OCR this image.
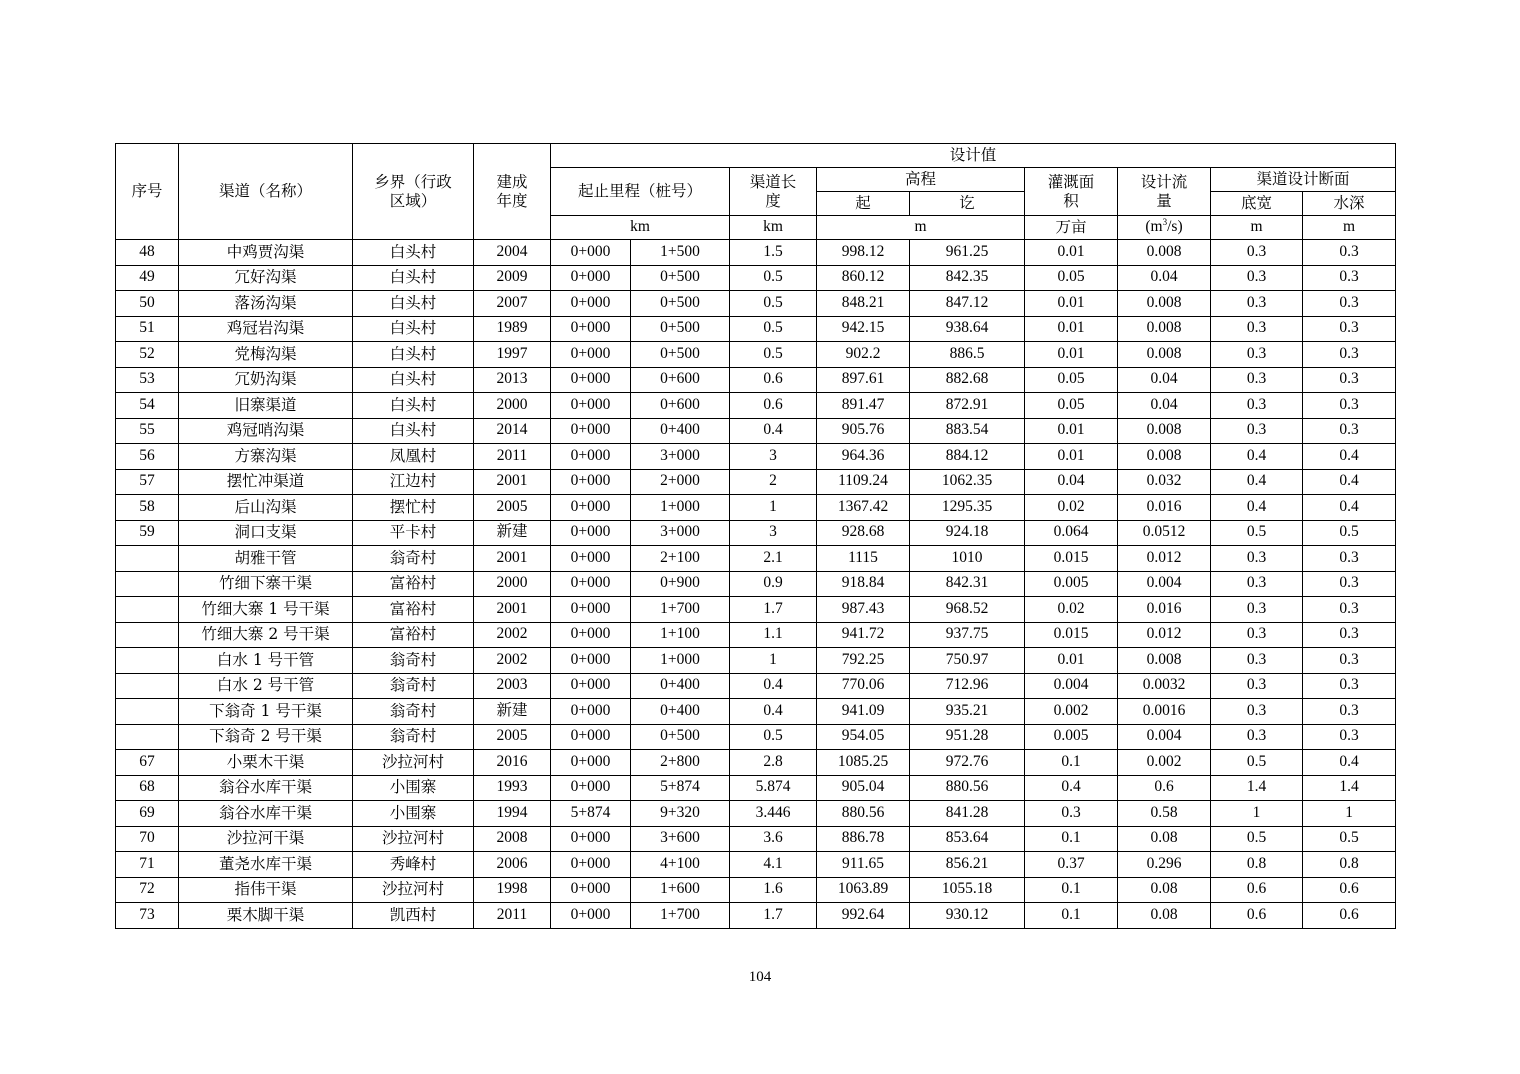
序号	渠道（名称）	乡界（行政区域）	建成年度	设计值								
				起止里程（桩号）		渠道长度	高程		灌溉面积	设计流量	渠道设计断面	
							起	讫			底宽	水深
				km		km	m		万亩	$(m^3/s)$	m	m
48	中鸡贾沟渠	白头村	2004	0+000	1+500	1.5	998.12	961.25	0.01	0.008	0.3	0.3
49	冗好沟渠	白头村	2009	0+000	0+500	0.5	860.12	842.35	0.05	0.04	0.3	0.3
50	落汤沟渠	白头村	2007	0+000	0+500	0.5	848.21	847.12	0.01	0.008	0.3	0.3
51	鸡冠岩沟渠	白头村	1989	0+000	0+500	0.5	942.15	938.64	0.01	0.008	0.3	0.3
52	党梅沟渠	白头村	1997	0+000	0+500	0.5	902.2	886.5	0.01	0.008	0.3	0.3
53	冗奶沟渠	白头村	2013	0+000	0+600	0.6	897.61	882.68	0.05	0.04	0.3	0.3
54	旧寨渠道	白头村	2000	0+000	0+600	0.6	891.47	872.91	0.05	0.04	0.3	0.3
55	鸡冠哨沟渠	白头村	2014	0+000	0+400	0.4	905.76	883.54	0.01	0.008	0.3	0.3
56	方寨沟渠	凤凰村	2011	0+000	3+000	3	964.36	884.12	0.01	0.008	0.4	0.4
57	摆忙冲渠道	江边村	2001	0+000	2+000	2	1109.24	1062.35	0.04	0.032	0.4	0.4
58	后山沟渠	摆忙村	2005	0+000	1+000	1	1367.42	1295.35	0.02	0.016	0.4	0.4
59	洞口支渠	平卡村	新建	0+000	3+000	3	928.68	924.18	0.064	0.0512	0.5	0.5
	胡雅干管	翁奇村	2001	0+000	2+100	2.1	1115	1010	0.015	0.012	0.3	0.3
	竹细下寨干渠	富裕村	2000	0+000	0+900	0.9	918.84	842.31	0.005	0.004	0.3	0.3
	竹细大寨 1 号干渠	富裕村	2001	0+000	1+700	1.7	987.43	968.52	0.02	0.016	0.3	0.3
	竹细大寨 2 号干渠	富裕村	2002	0+000	1+100	1.1	941.72	937.75	0.015	0.012	0.3	0.3
	白水 1 号干管	翁奇村	2002	0+000	1+000	1	792.25	750.97	0.01	0.008	0.3	0.3
	白水 2 号干管	翁奇村	2003	0+000	0+400	0.4	770.06	712.96	0.004	0.0032	0.3	0.3
	下翁奇 1 号干渠	翁奇村	新建	0+000	0+400	0.4	941.09	935.21	0.002	0.0016	0.3	0.3
	下翁奇 2 号干渠	翁奇村	2005	0+000	0+500	0.5	954.05	951.28	0.005	0.004	0.3	0.3
67	小栗木干渠	沙拉河村	2016	0+000	2+800	2.8	1085.25	972.76	0.1	0.002	0.5	0.4
68	翁谷水库干渠	小围寨	1993	0+000	5+874	5.874	905.04	880.56	0.4	0.6	1.4	1.4
69	翁谷水库干渠	小围寨	1994	5+874	9+320	3.446	880.56	841.28	0.3	0.58	1	1
70	沙拉河干渠	沙拉河村	2008	0+000	3+600	3.6	886.78	853.64	0.1	0.08	0.5	0.5
71	董尧水库干渠	秀峰村	2006	0+000	4+100	4.1	911.65	856.21	0.37	0.296	0.8	0.8
72	指伟干渠	沙拉河村	1998	0+000	1+600	1.6	1063.89	1055.18	0.1	0.08	0.6	0.6
73	栗木脚干渠	凯西村	2011	0+000	1+700	1.7	992.64	930.12	0.1	0.08	0.6	0.6
104
